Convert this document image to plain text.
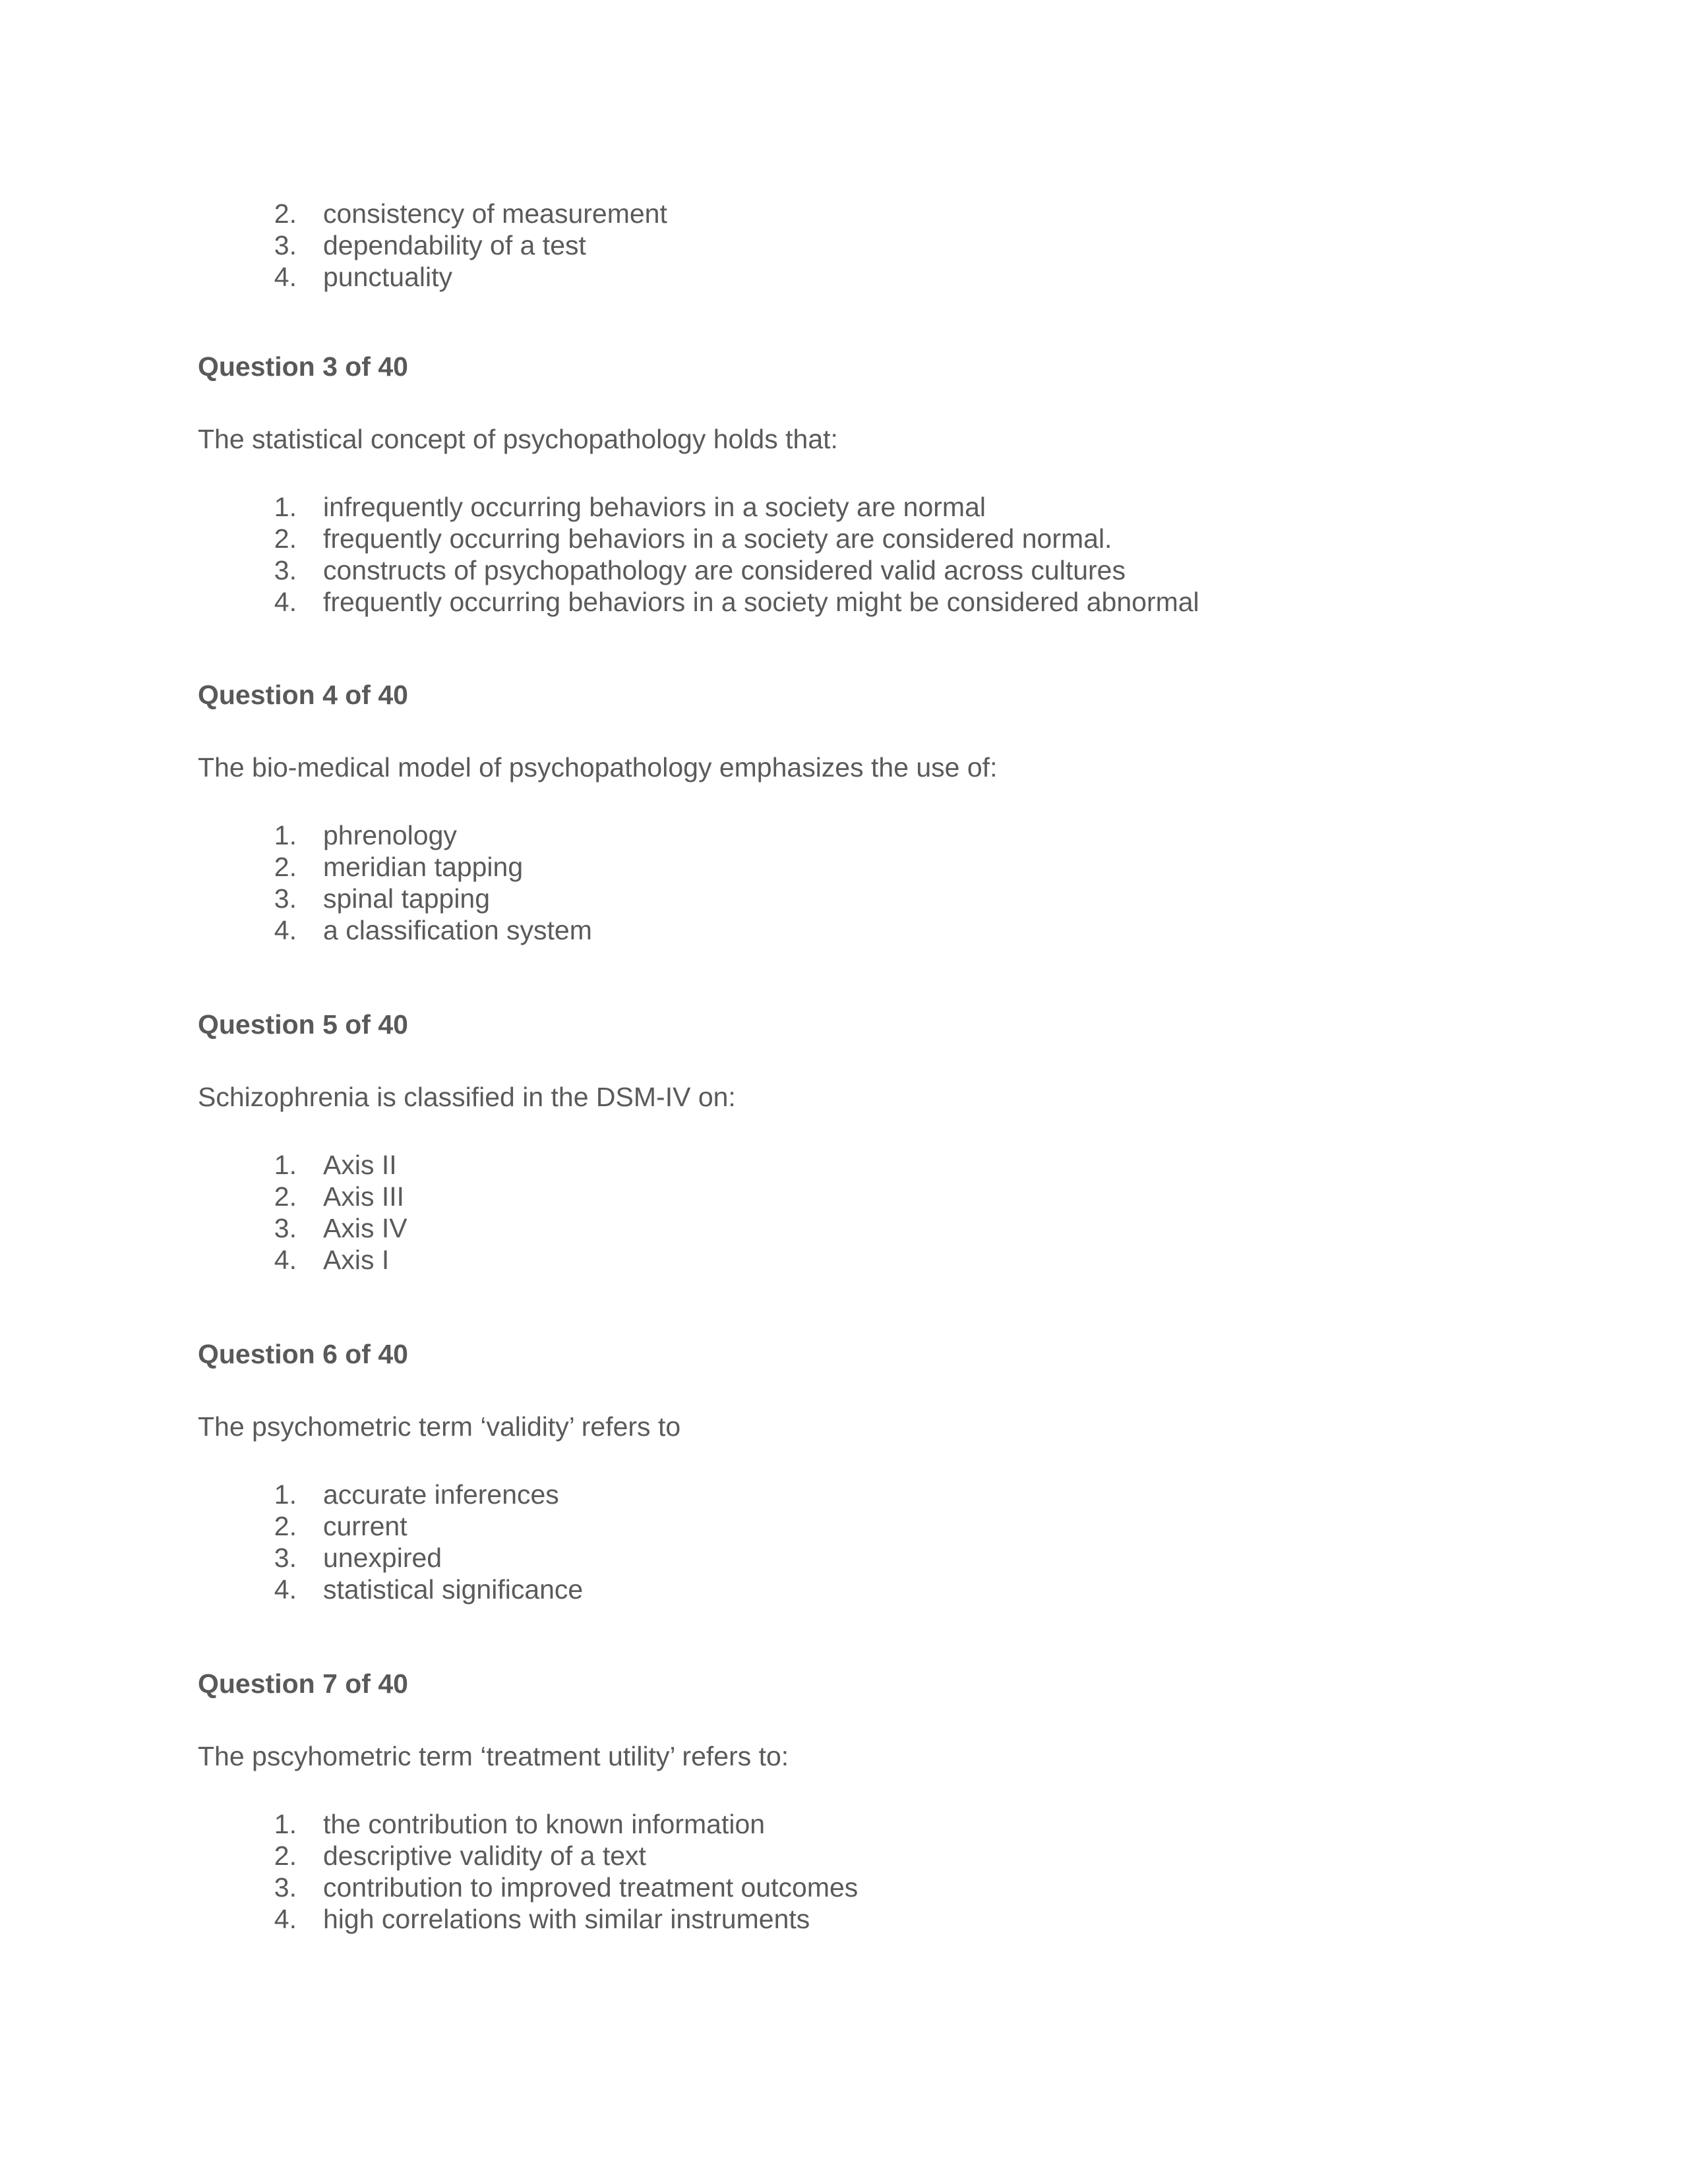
2. consistency of measurement
3. dependability of a test
4. punctuality

Question 3 of 40

The statistical concept of psychopathology holds that:

1. infrequently occurring behaviors in a society are normal
2. frequently occurring behaviors in a society are considered normal.
3. constructs of psychopathology are considered valid across cultures
4. frequently occurring behaviors in a society might be considered abnormal

Question 4 of 40

The bio-medical model of psychopathology emphasizes the use of:

1. phrenology
2. meridian tapping
3. spinal tapping
4. a classification system

Question 5 of 40

Schizophrenia is classified in the DSM-IV on:

1. Axis II
2. Axis III
3. Axis IV
4. Axis I

Question 6 of 40

The psychometric term ‘validity’ refers to

1. accurate inferences
2. current
3. unexpired
4. statistical significance

Question 7 of 40

The pscyhometric term ‘treatment utility’ refers to:

1. the contribution to known information
2. descriptive validity of a text
3. contribution to improved treatment outcomes
4. high correlations with similar instruments
